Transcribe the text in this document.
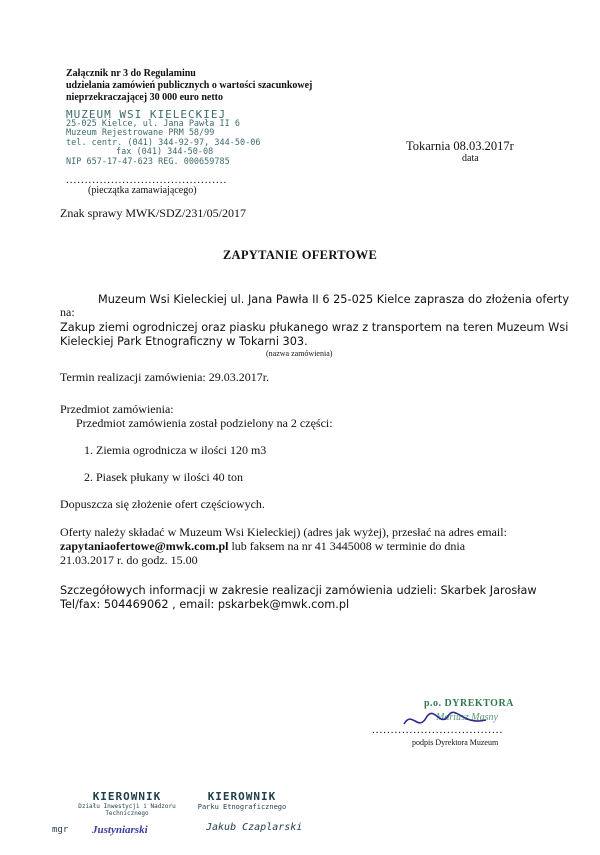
Załącznik nr 3 do Regulaminu
udzielania zamówień publicznych o wartości szacunkowej
nieprzekraczającej 30 000 euro netto
MUZEUM WSI KIELECKIEJ
25-025 Kielce, ul. Jana Pawła II 6
Muzeum Rejestrowane PRM 58/99
tel. centr. (041) 344-92-97, 344-50-06
fax (041) 344-50-08
NIP 657-17-47-623 REG. 000659785
Tokarnia 08.03.2017r
data
...........................................
(pieczątka zamawiającego)
Znak sprawy MWK/SDZ/231/05/2017
ZAPYTANIE OFERTOWE
Muzeum Wsi Kieleckiej ul. Jana Pawła II 6 25-025 Kielce zaprasza do złożenia oferty
na:
Zakup ziemi ogrodniczej oraz piasku płukanego wraz z transportem na teren Muzeum Wsi
Kieleckiej Park Etnograficzny w Tokarni 303.
(nazwa zamówienia)
Termin realizacji zamówienia: 29.03.2017r.
Przedmiot zamówienia:
Przedmiot zamówienia został podzielony na 2 części:
1. Ziemia ogrodnicza w ilości 120 m3
2. Piasek płukany w ilości 40 ton
Dopuszcza się złożenie ofert częściowych.
Oferty należy składać w Muzeum Wsi Kieleckiej) (adres jak wyżej), przesłać na adres email:
zapytaniaofertowe@mwk.com.pl lub faksem na nr 41 3445008 w terminie do dnia
21.03.2017 r. do godz. 15.00
Szczegółowych informacji w zakresie realizacji zamówienia udzieli: Skarbek Jarosław
Tel/fax: 504469062 , email: pskarbek@mwk.com.pl
p.o. DYREKTORA
Mariusz Masny
...................................
podpis Dyrektora Muzeum
KIEROWNIK
Działu Inwestycji i Nadzoru Technicznego
mgr Justyniarski
KIEROWNIK
Parku Etnograficznego
Jakub Czaplarski
